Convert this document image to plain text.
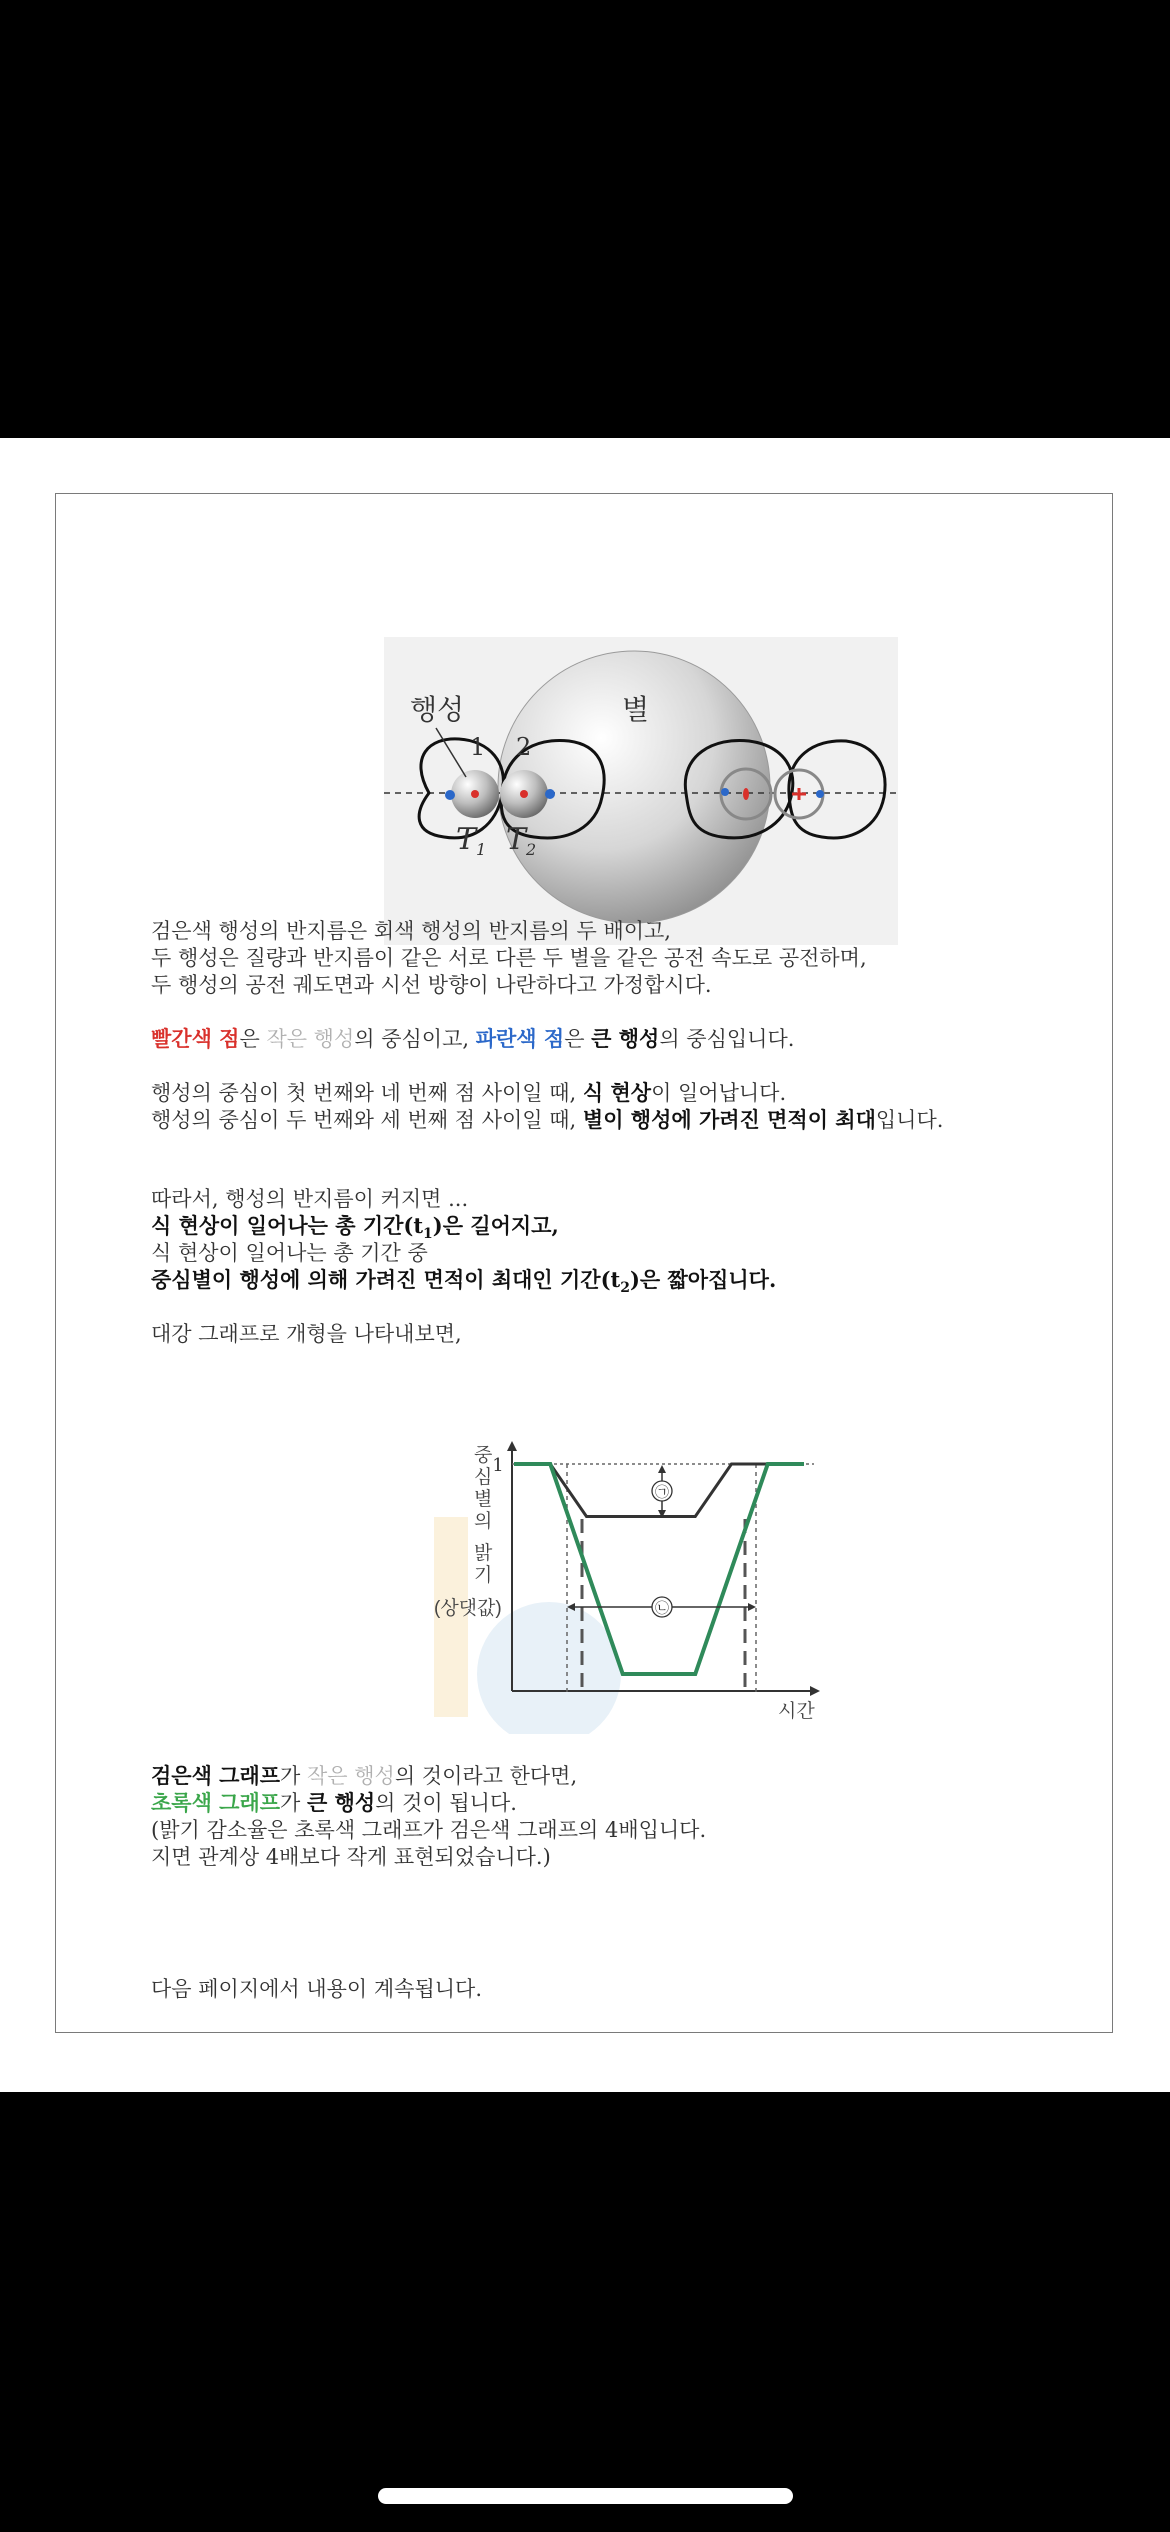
행성	별
1 2
$T_1$ $T_2$
검은색 행성의 반지름은 회색 행성의 반지름의 두 배이고,
두 행성은 질량과 반지름이 같은 서로 다른 두 별을 같은 공전 속도로 공전하며,
두 행성의 공전 궤도면과 시선 방향이 나란하다고 가정합시다.
빨간색 점은 작은 행성의 중심이고, 파란색 점은 큰 행성의 중심입니다.
행성의 중심이 첫 번째와 네 번째 점 사이일 때, 식 현상이 일어납니다.
행성의 중심이 두 번째와 세 번째 점 사이일 때, 별이 행성에 가려진 면적이 최대입니다.
따라서, 행성의 반지름이 커지면 ...
식 현상이 일어나는 총 기간$(t_1)$은 길어지고,
식 현상이 일어나는 총 기간 중
중심별이 행성에 의해 가려진 면적이 최대인 기간$(t_2)$은 짧아집니다.
대강 그래프로 개형을 나타내보면,
1
중 심 별 의 밝 기 (상댓값)
시간
㉠
㉡
검은색 그래프가 작은 행성의 것이라고 한다면,
초록색 그래프가 큰 행성의 것이 됩니다.
(밝기 감소율은 초록색 그래프가 검은색 그래프의 4배입니다.
지면 관계상 4배보다 작게 표현되었습니다.)
다음 페이지에서 내용이 계속됩니다.
